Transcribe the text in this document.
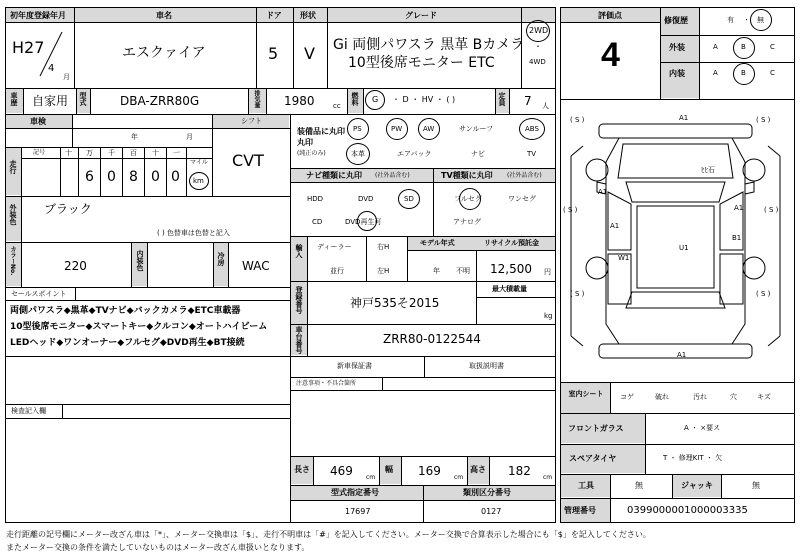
初年度登録年月
H27
4
月
車名
エスクァイア
ドア
5
形状
V
グレード
Gi 両側パワスラ 黒革 Bカメラ
10型後席モニター ETC
2WD
・
4WD
車歴 自家用 型式	DBA-ZRR80G	排気量 1980	cc 燃料 G ・ D ・ HV ・ ( )	定員 7 人
車検
年	月
シフト
CVT
走行
記号	十 万 千 百 十 一
6 0 8 0 0
マイル
km
外装色 ブラック
( ) 色替車は色替と記入
カラーNo.	220	内装色	冷房 WAC
セールスポイント
両側パワスラ◆黒革◆TVナビ◆バックカメラ◆ETC車載器
10型後席モニター◆スマートキー◆クルコン◆オートハイビーム
LEDヘッド◆ワンオーナー◆フルセグ◆DVD再生◆BT接続
検査記入欄
装備品に丸印
(純正のみ)
丸印
PS	PW	AW	サンルーフ	ABS
本革	エアバック	ナビ	TV
ナビ種類に丸印 (社外品含む)
HDD	DVD	SD
CD	DVD再生可
TV種類に丸印 (社外品含む)
フルセグ	ワンセグ
アナログ
輸入 ディーラー
並行
右H
左H
モデル年式
年 不明
リサイクル預託金
12,500 円
登録番号	神戸535そ2015
最大積載量
kg
車台番号	ZRR80-0122544
新車保証書	取扱説明書
注意事項・不具合箇所
長さ 469 cm
幅 169 cm
高さ 182 cm
型式指定番号
17697
類別区分番号
0127
評価点
4
修復歴	有 ・ 無
外装	A	B	C
内装	A	B	C
( S )	( S )
( S )	( S )
( S )	( S )
A1
ﾋﾋ石
A1
A1
A1
B1
U1
W1
A1
室内シート	コゲ	破れ	汚れ	穴	キズ
フロントガラス	A ・ ×要ス
スペアタイヤ	T ・ 修理KIT ・ 欠
工具	無	ジャッキ	無
管理番号	0399000001000003335
走行距離の記号欄にメーター改ざん車は「*」、メーター交換車は「$」、走行不明車は「#」を記入してください。メーター交換で合算表示した場合にも「$」を記入してください。
またメーター交換の条件を満たしていないものはメーター改ざん車扱いとなります。
